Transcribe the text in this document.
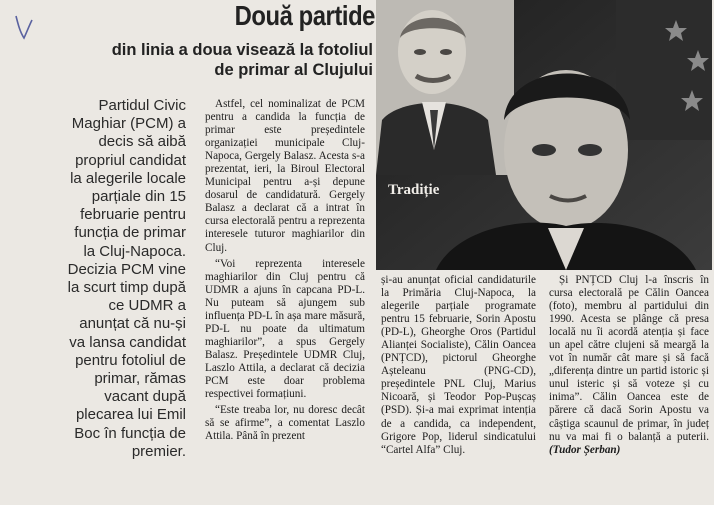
Două partide
din linia a doua visează la fotoliul de primar al Clujului
Partidul Civic Maghiar (PCM) a decis să aibă propriul candidat la alegerile locale parțiale din 15 februarie pentru funcția de primar la Cluj-Napoca. Decizia PCM vine la scurt timp după ce UDMR a anunțat că nu-și va lansa candidat pentru fotoliul de primar, rămas vacant după plecarea lui Emil Boc în funcția de premier.
Tradiție

Astfel, cel nominalizat de PCM pentru a candida la funcția de primar este președintele organizației municipale Cluj-Napoca, Gergely Balasz. Acesta s-a prezentat, ieri, la Biroul Electoral Municipal pentru a-și depune dosarul de candidatură. Gergely Balasz a declarat că a intrat în cursa electorală pentru a reprezenta interesele tuturor maghiarilor din Cluj.

“Voi reprezenta interesele maghiarilor din Cluj pentru că UDMR a ajuns în capcana PD-L. Nu puteam să ajungem sub influența PD-L în așa mare măsură, PD-L nu poate da ultimatum maghiarilor”, a spus Gergely Balasz. Președintele UDMR Cluj, Laszlo Attila, a declarat că decizia PCM este doar problema respectivei formațiuni.

“Este treaba lor, nu doresc decât să se afirme”, a comentat Laszlo Attila. Până în prezent

și-au anunțat oficial candidaturile la Primăria Cluj-Napoca, la alegerile parțiale programate pentru 15 februarie, Sorin Apostu (PD-L), Gheorghe Oros (Partidul Alianței Socialiste), Călin Oancea (PNȚCD), pictorul Gheorghe Așteleanu (PNG-CD), președintele PNL Cluj, Marius Nicoară, și Teodor Pop-Pușcaș (PSD). Și-a mai exprimat intenția de a candida, ca independent, Grigore Pop, liderul sindicatului “Cartel Alfa” Cluj.

Și PNȚCD Cluj l-a înscris în cursa electorală pe Călin Oancea (foto), membru al partidului din 1990. Acesta se plânge că presa locală nu îi acordă atenția și face un apel către clujeni să meargă la vot în număr cât mare și să facă „diferența dintre un partid istoric și unul isteric și să voteze și cu inima”. Călin Oancea este de părere că dacă Sorin Apostu va câștiga scaunul de primar, în județ nu va mai fi o balanță a puterii. (Tudor Șerban)
